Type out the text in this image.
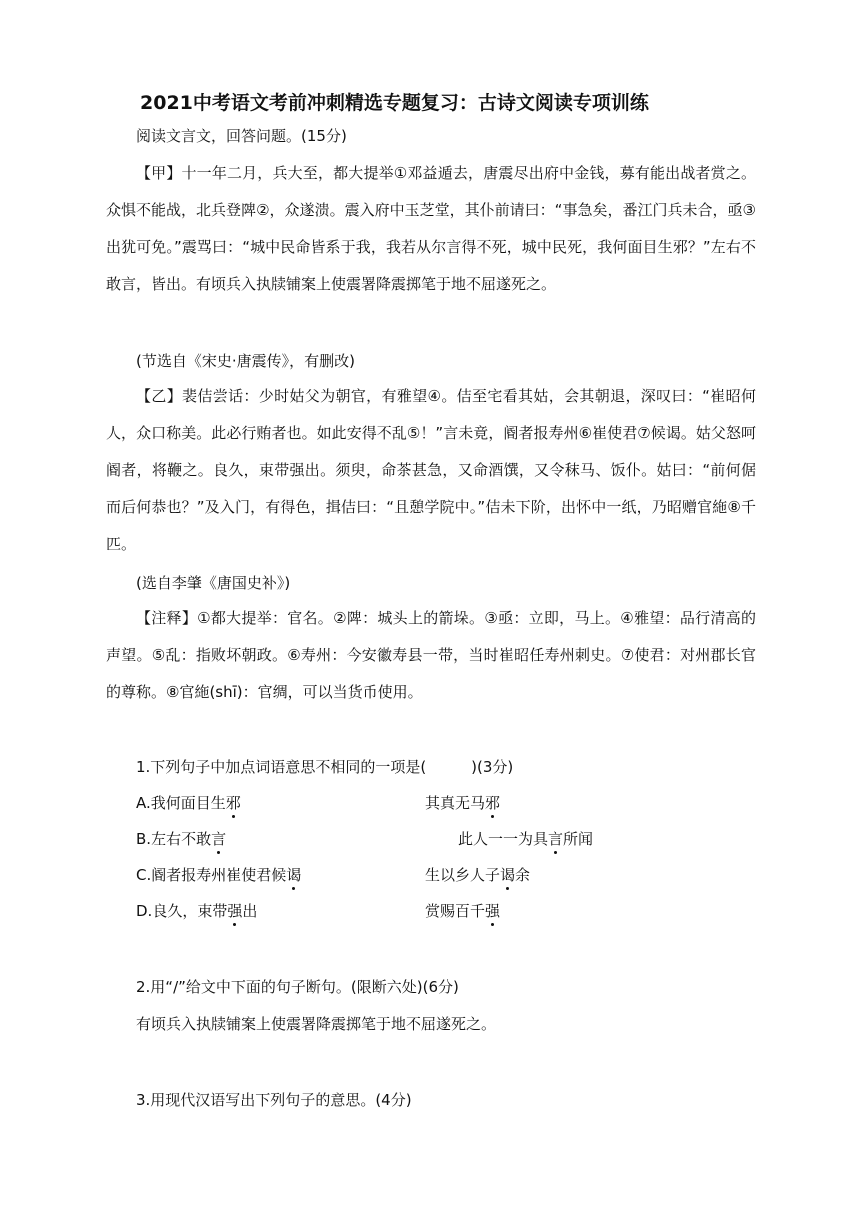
2021中考语文考前冲刺精选专题复习：古诗文阅读专项训练
阅读文言文，回答问题。(15分)
【甲】十一年二月，兵大至，都大提举①邓益遁去，唐震尽出府中金钱，募有能出战者赏之。众惧不能战，北兵登陴②，众遂溃。震入府中玉芝堂，其仆前请曰：“事急矣，番江门兵未合，亟③出犹可免。”震骂曰：“城中民命皆系于我，我若从尔言得不死，城中民死，我何面目生邪？”左右不敢言，皆出。有顷兵入执牍铺案上使震署降震掷笔于地不屈遂死之。
(节选自《宋史·唐震传》，有删改)
【乙】裴佶尝话：少时姑父为朝官，有雅望④。佶至宅看其姑，会其朝退，深叹曰：“崔昭何人，众口称美。此必行贿者也。如此安得不乱⑤！”言未竟，阍者报寿州⑥崔使君⑦候谒。姑父怒呵阍者，将鞭之。良久，束带强出。须臾，命茶甚急，又命酒馔，又令秣马、饭仆。姑曰：“前何倨而后何恭也？”及入门，有得色，揖佶曰：“且憩学院中。”佶未下阶，出怀中一纸，乃昭赠官絁⑧千匹。
(选自李肇《唐国史补》)
【注释】①都大提举：官名。②陴：城头上的箭垛。③亟：立即，马上。④雅望：品行清高的声望。⑤乱：指败坏朝政。⑥寿州：今安徽寿县一带，当时崔昭任寿州刺史。⑦使君：对州郡长官的尊称。⑧官絁(shī)：官绸，可以当货币使用。
1.下列句子中加点词语意思不相同的一项是(　　　)(3分)
A.我何面目生邪	其真无马邪
B.左右不敢言	此人一一为具言所闻
C.阍者报寿州崔使君候谒	生以乡人子谒余
D.良久，束带强出	赏赐百千强
2.用“/”给文中下面的句子断句。(限断六处)(6分)
有顷兵入执牍铺案上使震署降震掷笔于地不屈遂死之。
3.用现代汉语写出下列句子的意思。(4分)
